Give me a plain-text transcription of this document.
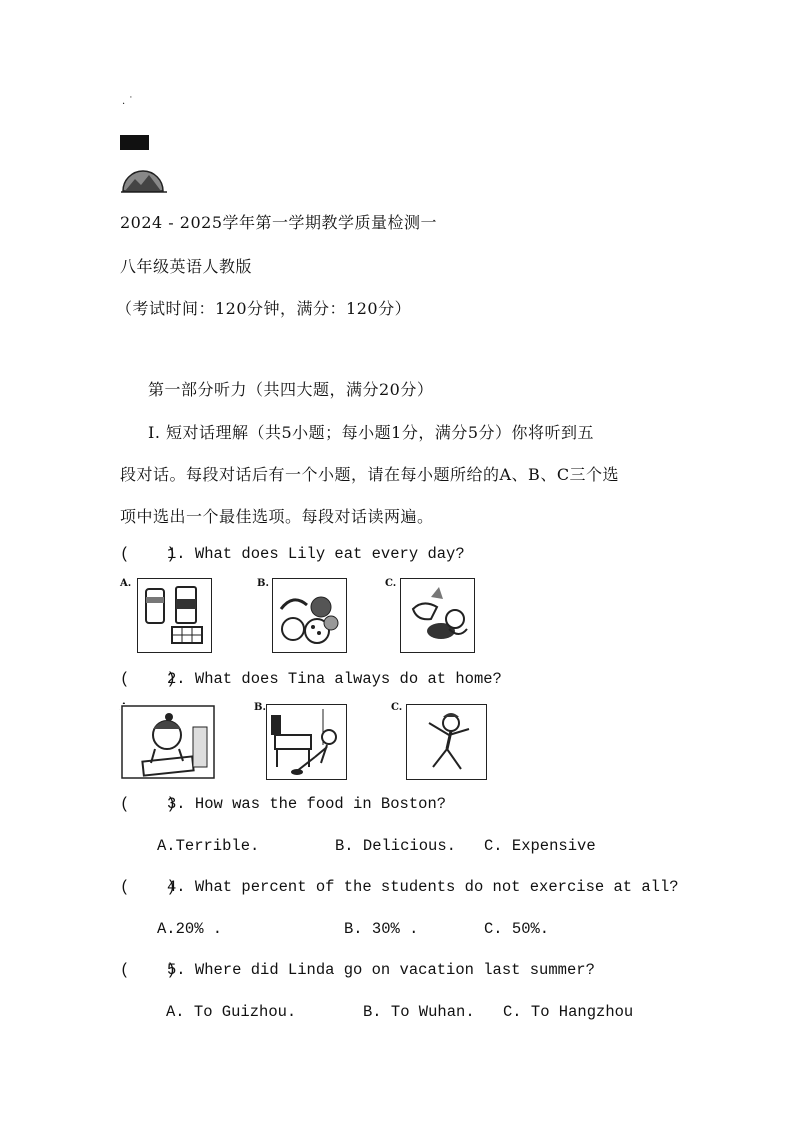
. ˙
2024 - 2025学年第一学期教学质量检测一
八年级英语人教版
（考试时间：120分钟，满分：120分）
第一部分听力（共四大题，满分20分）
I. 短对话理解（共5小题；每小题1分，满分5分）你将听到五
段对话。每段对话后有一个小题，请在每小题所给的A、B、C三个选
项中选出一个最佳选项。每段对话读两遍。
(    )
1. What does Lily eat every day?
A.	B.	C.
(    )
2. What does Tina always do at home?
B.	C.
(    )
3. How was the food in Boston?
A.Terrible.	B. Delicious. C. Expensive
(    )
4. What percent of the students do not exercise at all?
A.20% .	B. 30% .	C. 50%.
(    )
5. Where did Linda go on vacation last summer?
A. To Guizhou.	B. To Wuhan. C. To Hangzhou
